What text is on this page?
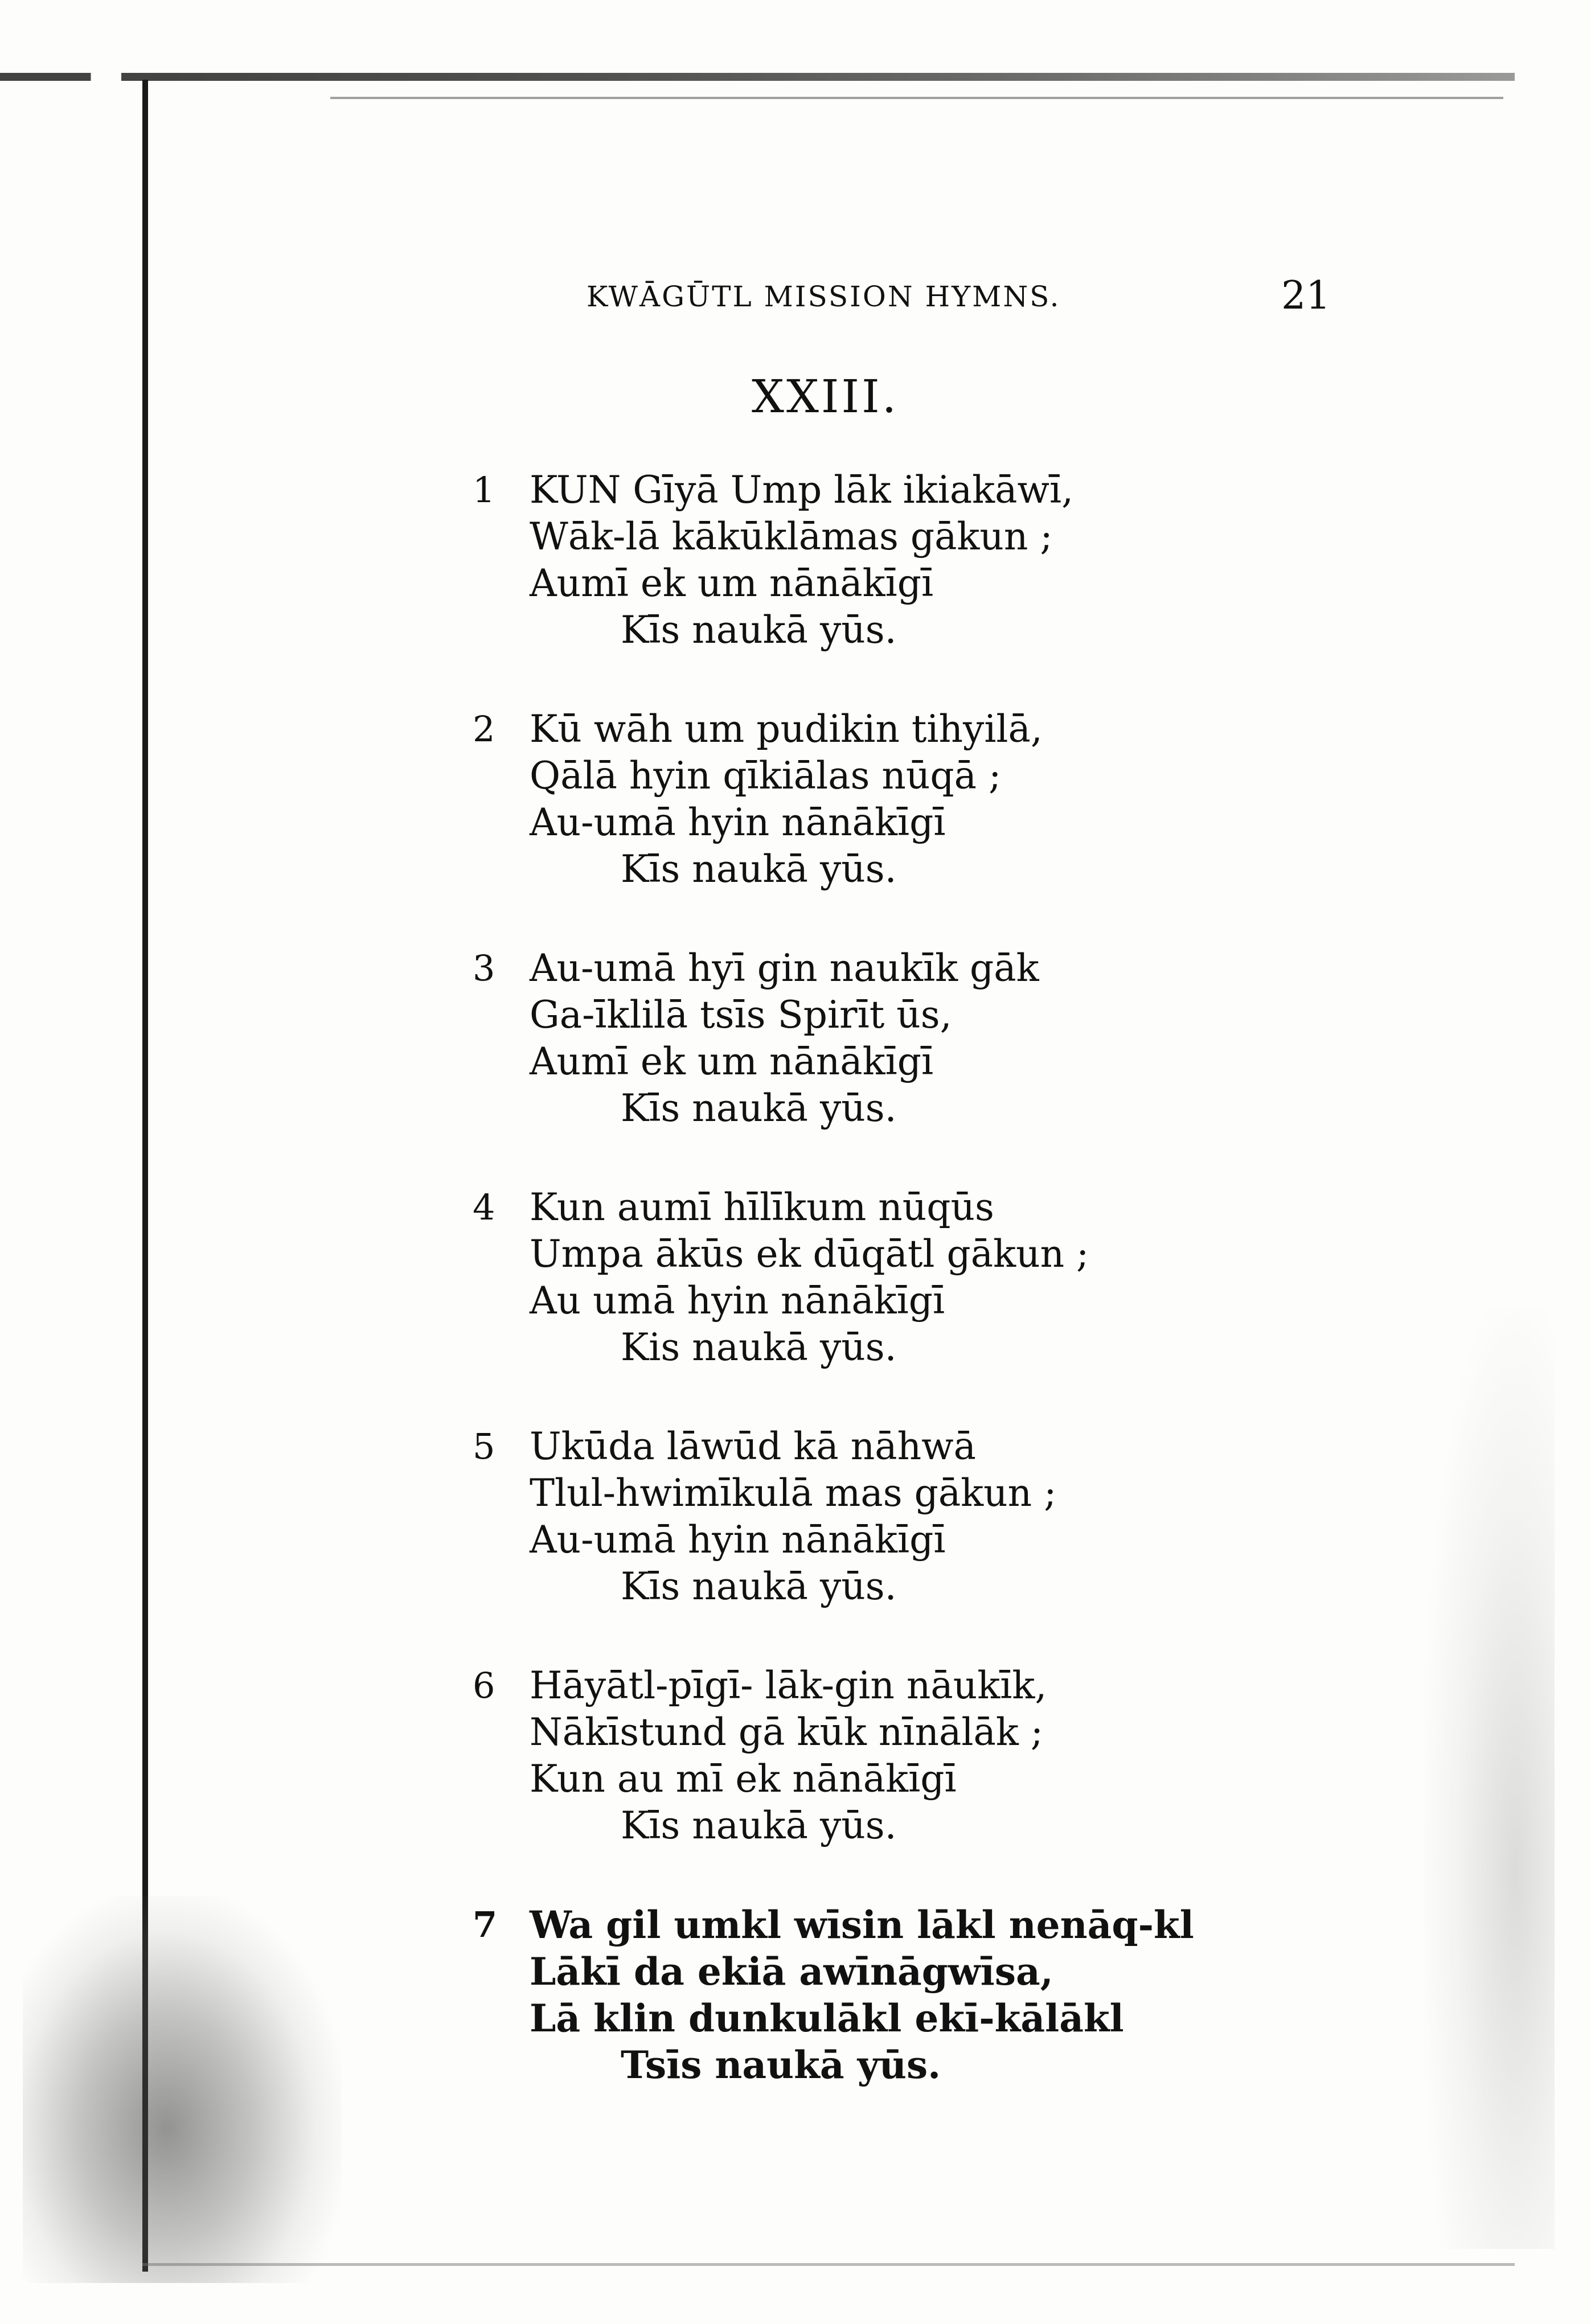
KWĀGŪTL MISSION HYMNS.	21
XXIII.
1 KUN Gīyā Ump lāk ikiakāwī,
Wāk-lā kākūklāmas gākun ;
Aumī ek um nānākīgī
Kīs naukā yūs.
2 Kū wāh um pudikin tihyilā,
Qālā hyin qīkiālas nūqā ;
Au-umā hyin nānākīgī
Kīs naukā yūs.
3 Au-umā hyī gin naukīk gāk
Ga-īklilā tsīs Spirīt ūs,
Aumī ek um nānākīgī
Kīs naukā yūs.
4 Kun aumī hīlīkum nūqūs
Umpa ākūs ek dūqātl gākun ;
Au umā hyin nānākīgī
Kis naukā yūs.
5 Ukūda lāwūd kā nāhwā
Tlul-hwimīkulā mas gākun ;
Au-umā hyin nānākīgī
Kīs naukā yūs.
6 Hāyātl-pīgī- lāk-gin nāukīk,
Nākīstund gā kūk nīnālāk ;
Kun au mī ek nānākīgī
Kīs naukā yūs.
7 Wa gil umkl wīsin lākl nenāq-kl
Lākī da ekiā awīnāgwīsa,
Lā klin dunkulākl ekī-kālākl
Tsīs naukā yūs.
